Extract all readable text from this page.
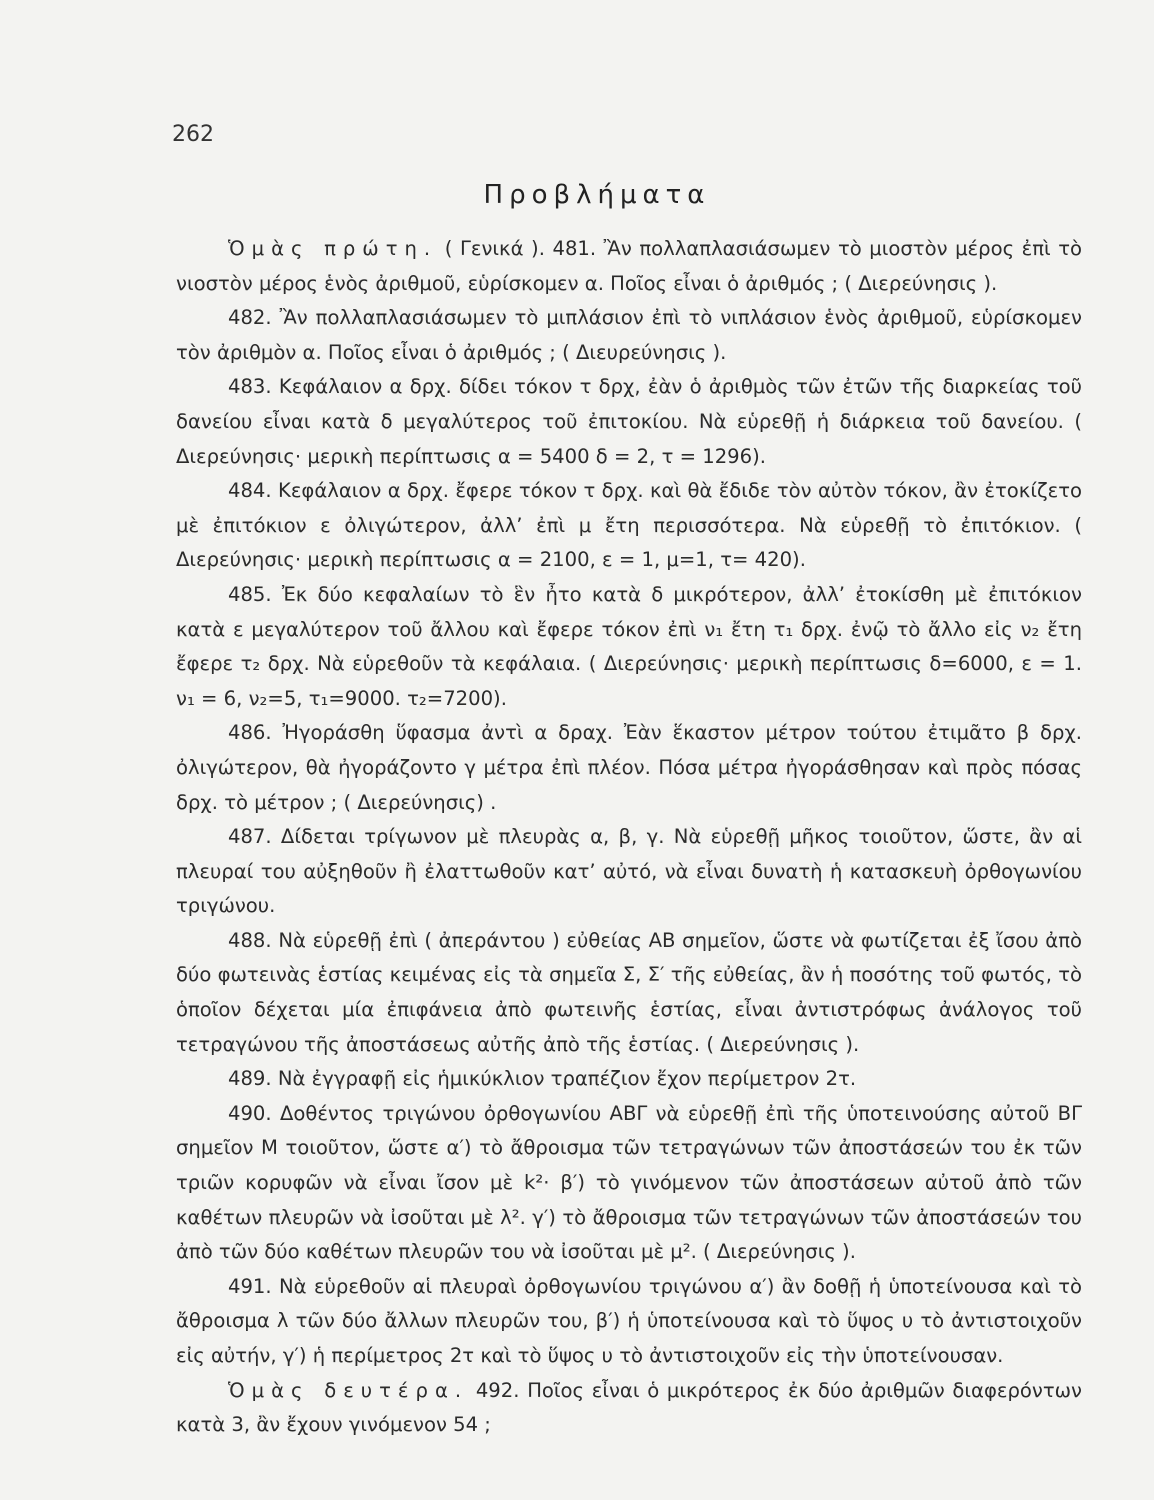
262
Προβλήματα

Ὁμὰς πρώτη. ( Γενικά ). 481. Ἂν πολλαπλασιάσωμεν τὸ μιοστὸν μέρος ἐπὶ τὸ νιοστὸν μέρος ἑνὸς ἀριθμοῦ, εὑρίσκομεν α. Ποῖος εἶναι ὁ ἀριθμός ; ( Διερεύνησις ).

482. Ἂν πολλαπλασιάσωμεν τὸ μιπλάσιον ἐπὶ τὸ νιπλάσιον ἑνὸς ἀριθμοῦ, εὑρίσκομεν τὸν ἀριθμὸν α. Ποῖος εἶναι ὁ ἀριθμός ; ( Διευρεύνησις ).

483. Κεφάλαιον α δρχ. δίδει τόκον τ δρχ, ἐὰν ὁ ἀριθμὸς τῶν ἐτῶν τῆς διαρκείας τοῦ δανείου εἶναι κατὰ δ μεγαλύτερος τοῦ ἐπιτοκίου. Νὰ εὑρεθῇ ἡ διάρκεια τοῦ δανείου. ( Διερεύνησις· μερικὴ περίπτωσις α = 5400 δ = 2, τ = 1296).

484. Κεφάλαιον α δρχ. ἔφερε τόκον τ δρχ. καὶ θὰ ἔδιδε τὸν αὐτὸν τόκον, ἂν ἐτοκίζετο μὲ ἐπιτόκιον ε ὀλιγώτερον, ἀλλ’ ἐπὶ μ ἔτη περισσότερα. Νὰ εὑρεθῇ τὸ ἐπιτόκιον. ( Διερεύνησις· μερικὴ περίπτωσις α = 2100, ε = 1, μ=1, τ= 420).

485. Ἐκ δύο κεφαλαίων τὸ ἓν ἦτο κατὰ δ μικρότερον, ἀλλ’ ἐτοκίσθη μὲ ἐπιτόκιον κατὰ ε μεγαλύτερον τοῦ ἄλλου καὶ ἔφερε τόκον ἐπὶ ν₁ ἔτη τ₁ δρχ. ἐνῷ τὸ ἄλλο εἰς ν₂ ἔτη ἔφερε τ₂ δρχ. Νὰ εὑρεθοῦν τὰ κεφάλαια. ( Διερεύνησις· μερικὴ περίπτωσις δ=6000, ε = 1. ν₁ = 6, ν₂=5, τ₁=9000. τ₂=7200).

486. Ἠγοράσθη ὕφασμα ἀντὶ α δραχ. Ἐὰν ἕκαστον μέτρον τούτου ἐτιμᾶτο β δρχ. ὀλιγώτερον, θὰ ἠγοράζοντο γ μέτρα ἐπὶ πλέον. Πόσα μέτρα ἠγοράσθησαν καὶ πρὸς πόσας δρχ. τὸ μέτρον ; ( Διερεύνησις) .

487. Δίδεται τρίγωνον μὲ πλευρὰς α, β, γ. Νὰ εὑρεθῇ μῆκος τοιοῦτον, ὥστε, ἂν αἱ πλευραί του αὐξηθοῦν ἢ ἐλαττωθοῦν κατ’ αὐτό, νὰ εἶναι δυνατὴ ἡ κατασκευὴ ὀρθογωνίου τριγώνου.

488. Νὰ εὑρεθῇ ἐπὶ ( ἀπεράντου ) εὐθείας ΑΒ σημεῖον, ὥστε νὰ φωτίζεται ἐξ ἴσου ἀπὸ δύο φωτεινὰς ἑστίας κειμένας εἰς τὰ σημεῖα Σ, Σ′ τῆς εὐθείας, ἂν ἡ ποσότης τοῦ φωτός, τὸ ὁποῖον δέχεται μία ἐπιφάνεια ἀπὸ φωτεινῆς ἑστίας, εἶναι ἀντιστρόφως ἀνάλογος τοῦ τετραγώνου τῆς ἀποστάσεως αὐτῆς ἀπὸ τῆς ἑστίας. ( Διερεύνησις ).

489. Νὰ ἐγγραφῇ εἰς ἡμικύκλιον τραπέζιον ἔχον περίμετρον 2τ.

490. Δοθέντος τριγώνου ὀρθογωνίου ΑΒΓ νὰ εὑρεθῇ ἐπὶ τῆς ὑποτεινούσης αὐτοῦ ΒΓ σημεῖον Μ τοιοῦτον, ὥστε α′) τὸ ἄθροισμα τῶν τετραγώνων τῶν ἀποστάσεών του ἐκ τῶν τριῶν κορυφῶν νὰ εἶναι ἴσον μὲ k²· β′) τὸ γινόμενον τῶν ἀποστάσεων αὐτοῦ ἀπὸ τῶν καθέτων πλευρῶν νὰ ἰσοῦται μὲ λ². γ′) τὸ ἄθροισμα τῶν τετραγώνων τῶν ἀποστάσεών του ἀπὸ τῶν δύο καθέτων πλευρῶν του νὰ ἰσοῦται μὲ μ². ( Διερεύνησις ).

491. Νὰ εὑρεθοῦν αἱ πλευραὶ ὀρθογωνίου τριγώνου α′) ἂν δοθῇ ἡ ὑποτείνουσα καὶ τὸ ἄθροισμα λ τῶν δύο ἄλλων πλευρῶν του, β′) ἡ ὑποτείνουσα καὶ τὸ ὕψος υ τὸ ἀντιστοιχοῦν εἰς αὐτήν, γ′) ἡ περίμετρος 2τ καὶ τὸ ὕψος υ τὸ ἀντιστοιχοῦν εἰς τὴν ὑποτείνουσαν.

Ὁμὰς δευτέρα. 492. Ποῖος εἶναι ὁ μικρότερος ἐκ δύο ἀριθμῶν διαφερόντων κατὰ 3, ἂν ἔχουν γινόμενον 54 ;
